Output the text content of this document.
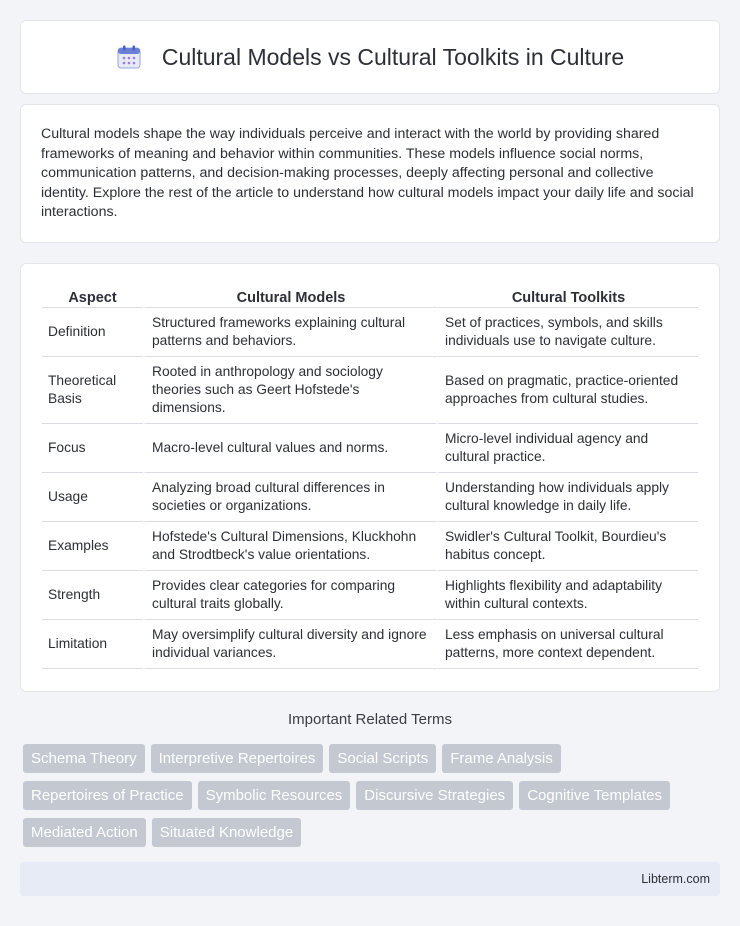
Cultural Models vs Cultural Toolkits in Culture

Cultural models shape the way individuals perceive and interact with the world by providing shared frameworks of meaning and behavior within communities. These models influence social norms, communication patterns, and decision-making processes, deeply affecting personal and collective identity. Explore the rest of the article to understand how cultural models impact your daily life and social interactions.

Aspect	Cultural Models	Cultural Toolkits
Definition	Structured frameworks explaining cultural patterns and behaviors.	Set of practices, symbols, and skills individuals use to navigate culture.
Theoretical Basis	Rooted in anthropology and sociology theories such as Geert Hofstede's dimensions.	Based on pragmatic, practice-oriented approaches from cultural studies.
Focus	Macro-level cultural values and norms.	Micro-level individual agency and cultural practice.
Usage	Analyzing broad cultural differences in societies or organizations.	Understanding how individuals apply cultural knowledge in daily life.
Examples	Hofstede's Cultural Dimensions, Kluckhohn and Strodtbeck's value orientations.	Swidler's Cultural Toolkit, Bourdieu's habitus concept.
Strength	Provides clear categories for comparing cultural traits globally.	Highlights flexibility and adaptability within cultural contexts.
Limitation	May oversimplify cultural diversity and ignore individual variances.	Less emphasis on universal cultural patterns, more context dependent.
Important Related Terms
Schema Theory	Interpretive Repertoires	Social Scripts	Frame Analysis
Repertoires of Practice	Symbolic Resources	Discursive Strategies	Cognitive Templates
Mediated Action	Situated Knowledge
Libterm.com
